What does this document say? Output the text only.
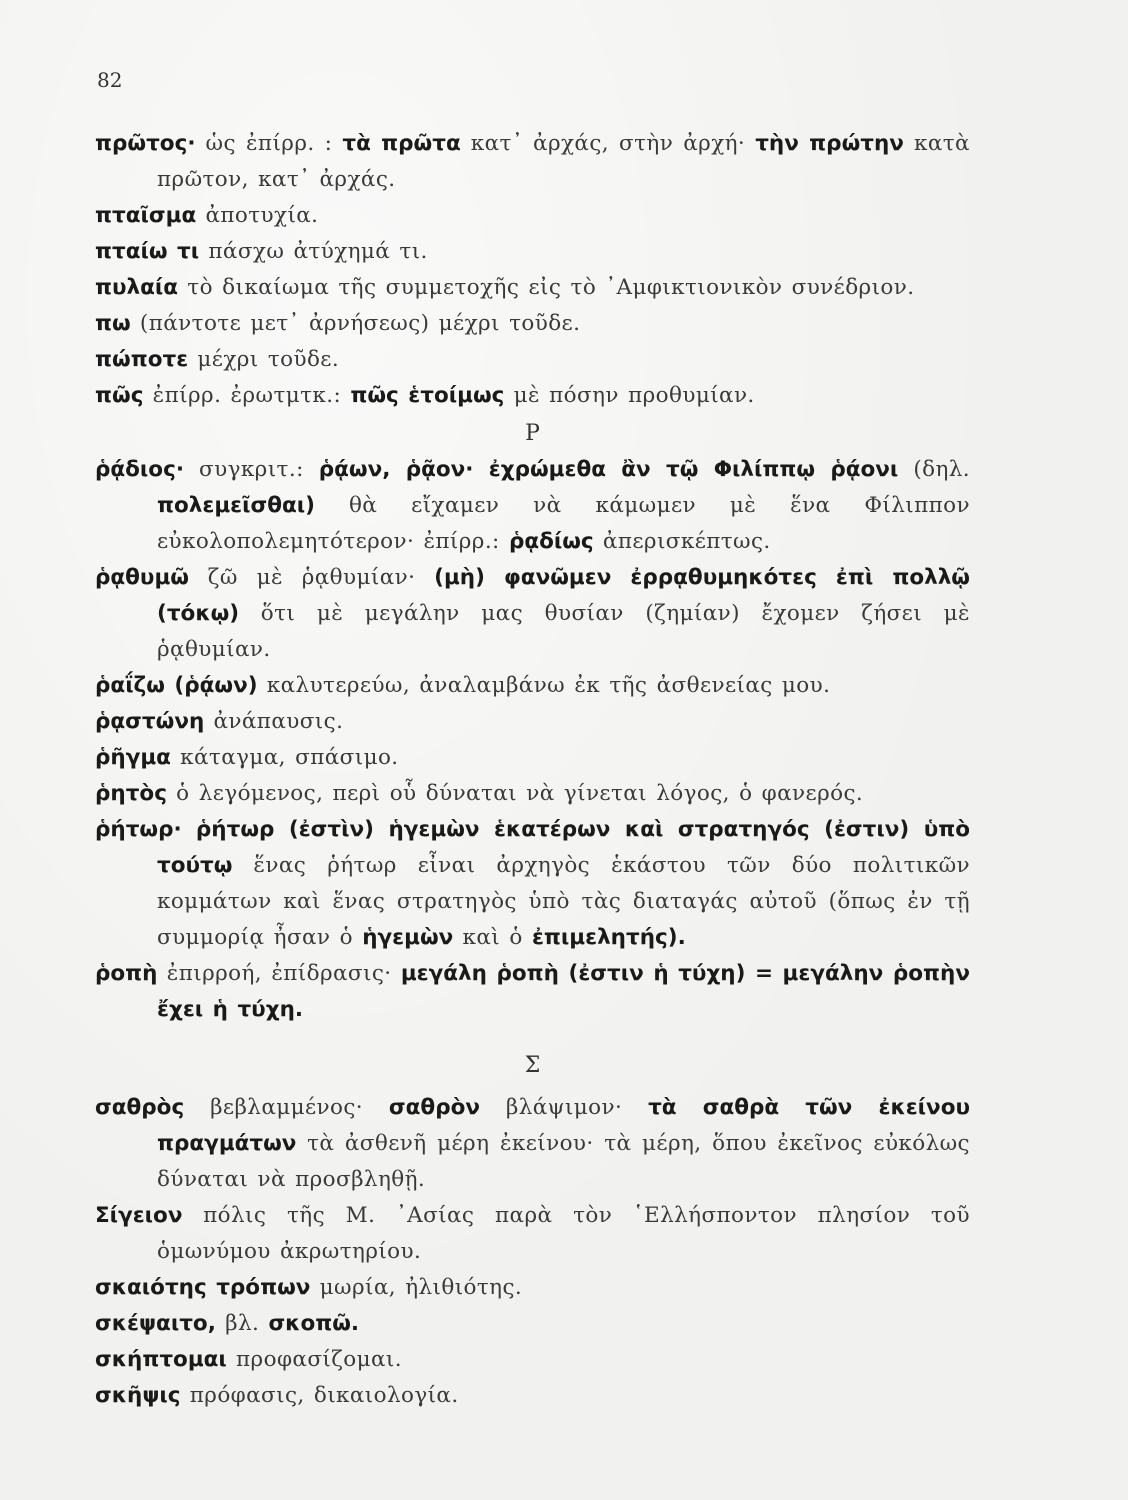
82
πρῶτος· ὡς ἐπίρρ. : τὰ πρῶτα κατ᾽ ἀρχάς, στὴν ἀρχή· τὴν πρώτην κατὰ πρῶτον, κατ᾽ ἀρχάς.
πταῖσμα ἀποτυχία.
πταίω τι πάσχω ἀτύχημά τι.
πυλαία τὸ δικαίωμα τῆς συμμετοχῆς εἰς τὸ ᾽Αμφικτιονικὸν συνέδριον.
πω (πάντοτε μετ᾽ ἀρνήσεως) μέχρι τοῦδε.
πώποτε μέχρι τοῦδε.
πῶς ἐπίρρ. ἐρωτμτκ.: πῶς ἑτοίμως μὲ πόσην προθυμίαν.
Ρ
ῥᾴδιος· συγκριτ.: ῥᾴων, ῥᾷον· ἐχρώμεθα ἂν τῷ Φιλίππῳ ῥᾴονι (δηλ. πολεμεῖσθαι) θὰ εἴχαμεν νὰ κάμωμεν μὲ ἕνα Φίλιππον εὐκολοπολεμητότερον· ἐπίρρ.: ῥᾳδίως ἀπερισκέπτως.
ῥᾳθυμῶ ζῶ μὲ ῥᾳθυμίαν· (μὴ) φανῶμεν ἐρρᾳθυμηκότες ἐπὶ πολλῷ (τόκῳ) ὅτι μὲ μεγάλην μας θυσίαν (ζημίαν) ἔχομεν ζήσει μὲ ῥᾳθυμίαν.
ῥαΐζω (ῥᾴων) καλυτερεύω, ἀναλαμβάνω ἐκ τῆς ἀσθενείας μου.
ῥᾳστώνη ἀνάπαυσις.
ῥῆγμα κάταγμα, σπάσιμο.
ῥητὸς ὁ λεγόμενος, περὶ οὗ δύναται νὰ γίνεται λόγος, ὁ φανερός.
ῥήτωρ· ῥήτωρ (ἐστὶν) ἡγεμὼν ἑκατέρων καὶ στρατηγός (ἐστιν) ὑπὸ τούτῳ ἕνας ῥήτωρ εἶναι ἀρχηγὸς ἑκάστου τῶν δύο πολιτικῶν κομμάτων καὶ ἕνας στρατηγὸς ὑπὸ τὰς διαταγάς αὐτοῦ (ὅπως ἐν τῇ συμμορίᾳ ἦσαν ὁ ἡγεμὼν καὶ ὁ ἐπιμελητής).
ῥοπὴ ἐπιρροή, ἐπίδρασις· μεγάλη ῥοπὴ (ἐστιν ἡ τύχη) = μεγάλην ῥοπὴν ἔχει ἡ τύχη.
Σ
σαθρὸς βεβλαμμένος· σαθρὸν βλάψιμον· τὰ σαθρὰ τῶν ἐκείνου πραγμάτων τὰ ἀσθενῆ μέρη ἐκείνου· τὰ μέρη, ὅπου ἐκεῖνος εὐκόλως δύναται νὰ προσβληθῇ.
Σίγειον πόλις τῆς Μ. ᾽Ασίας παρὰ τὸν ῾Ελλήσποντον πλησίον τοῦ ὁμωνύμου ἀκρωτηρίου.
σκαιότης τρόπων μωρία, ἠλιθιότης.
σκέψαιτο, βλ. σκοπῶ.
σκήπτομαι προφασίζομαι.
σκῆψις πρόφασις, δικαιολογία.
